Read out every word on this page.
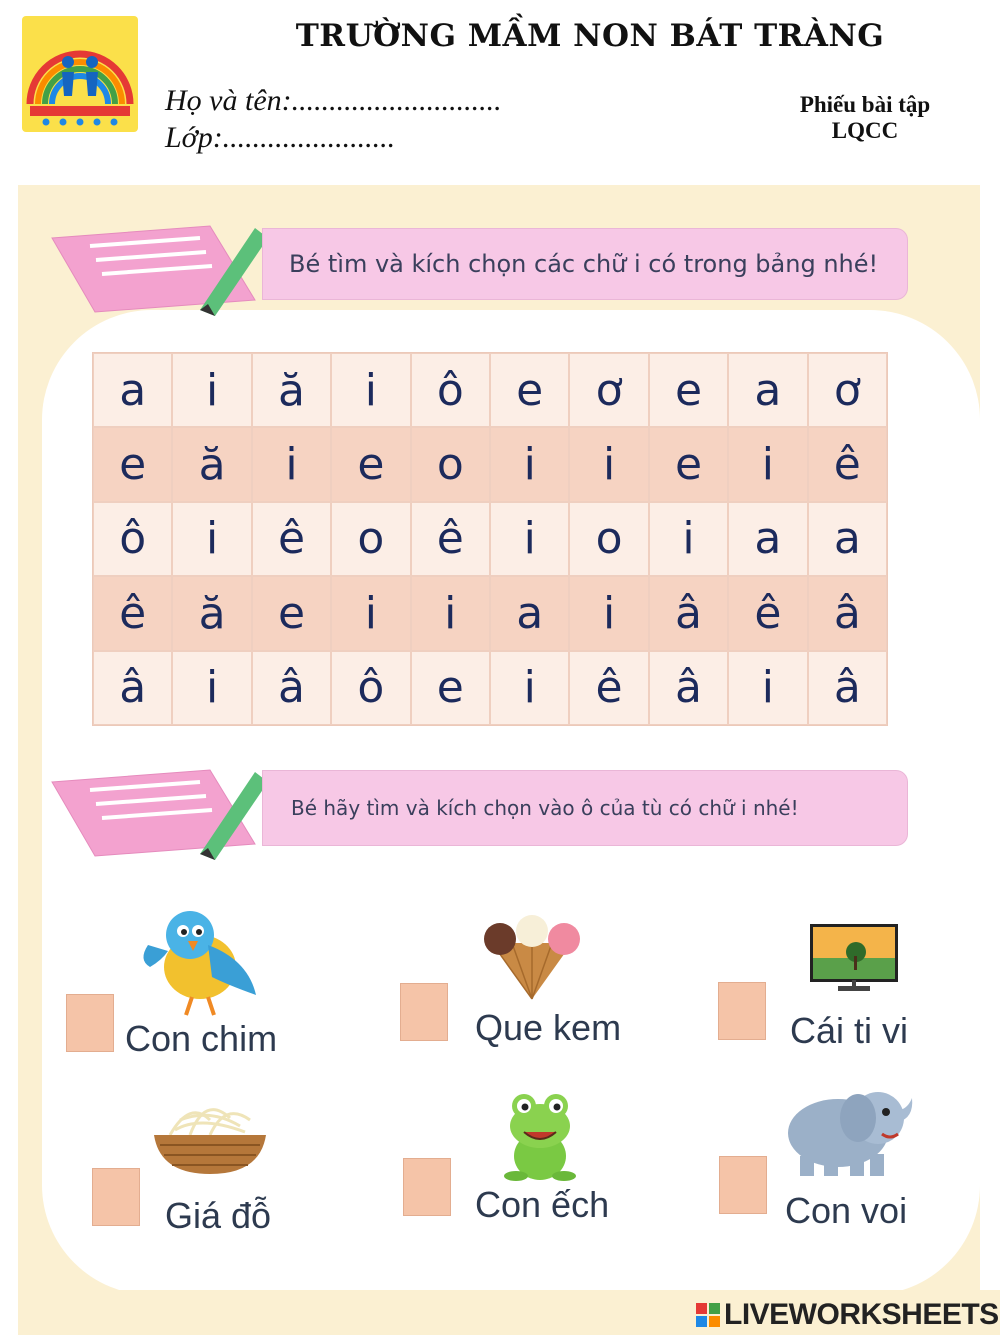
TRƯỜNG MẦM NON BÁT TRÀNG
Họ và tên:............................
Lớp:.......................
Phiếu bài tập
LQCC
Bé tìm và kích chọn các chữ i có trong bảng nhé!
a	i	ă	i	ô	e	ơ	e	a	ơ
e	ă	i	e	o	i	i	e	i	ê
ô	i	ê	o	ê	i	o	i	a	a
ê	ă	e	i	i	a	i	â	ê	â
â	i	â	ô	e	i	ê	â	i	â
Bé hãy tìm và kích chọn vào ô của tù có chữ i nhé!
Con chim	Que kem	Cái ti vi
Giá đỗ	Con ếch	Con voi
LIVEWORKSHEETS
